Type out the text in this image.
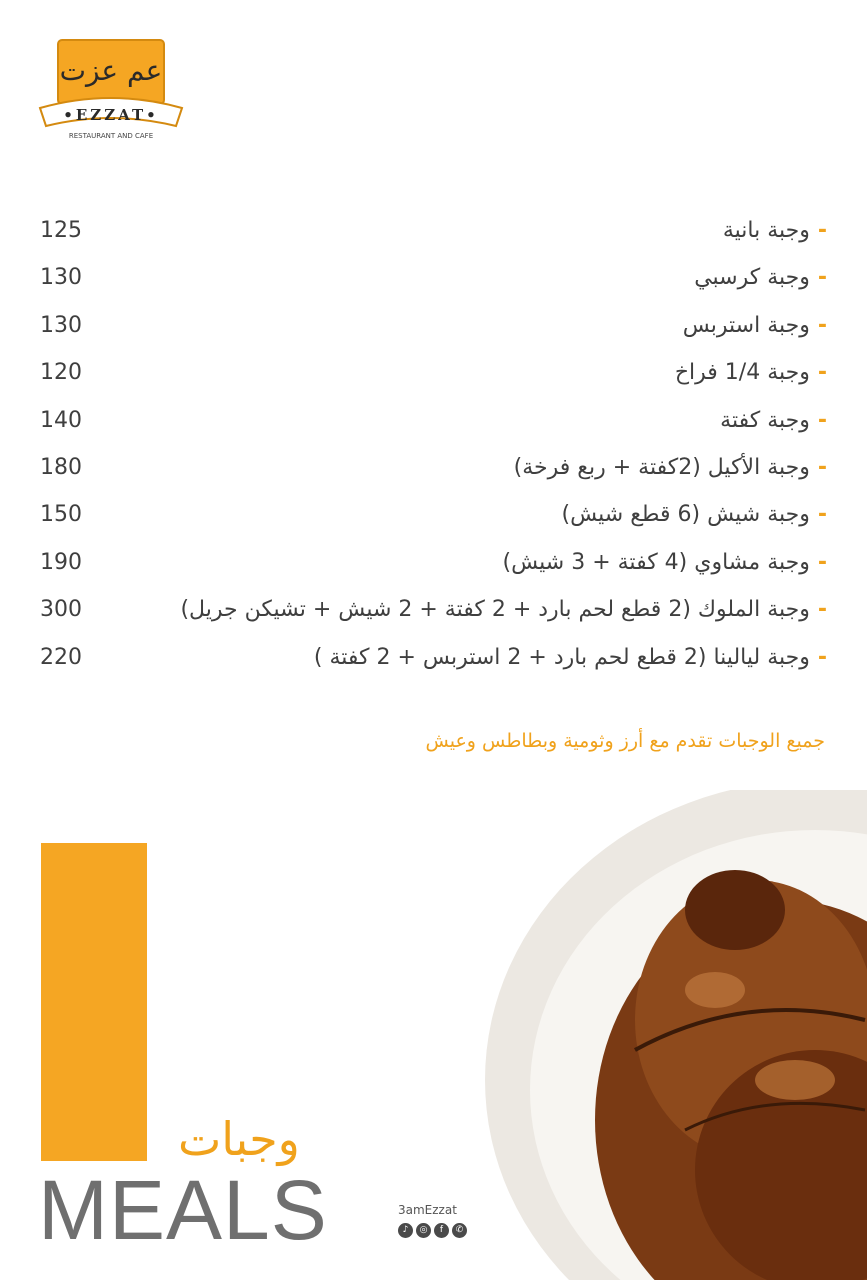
عم عزت
•EZZAT•
RESTAURANT AND CAFE
-وجبة بانية
125
-وجبة كرسبي
130
-وجبة استربس
130
-وجبة 1/4 فراخ
120
-وجبة كفتة
140
-وجبة الأكيل (2كفتة + ربع فرخة)
180
-وجبة شيش (6 قطع شيش)
150
-وجبة مشاوي (4 كفتة + 3 شيش)
190
-وجبة الملوك (2 قطع لحم بارد + 2 كفتة + 2 شيش + تشيكن جريل)
300
-وجبة ليالينا (2 قطع لحم بارد + 2 استربس + 2 كفتة )
220
جميع الوجبات تقدم مع أرز وثومية وبطاطس وعيش
وجبات
MEALS	3amEzzat
♪	◎	f	✆
